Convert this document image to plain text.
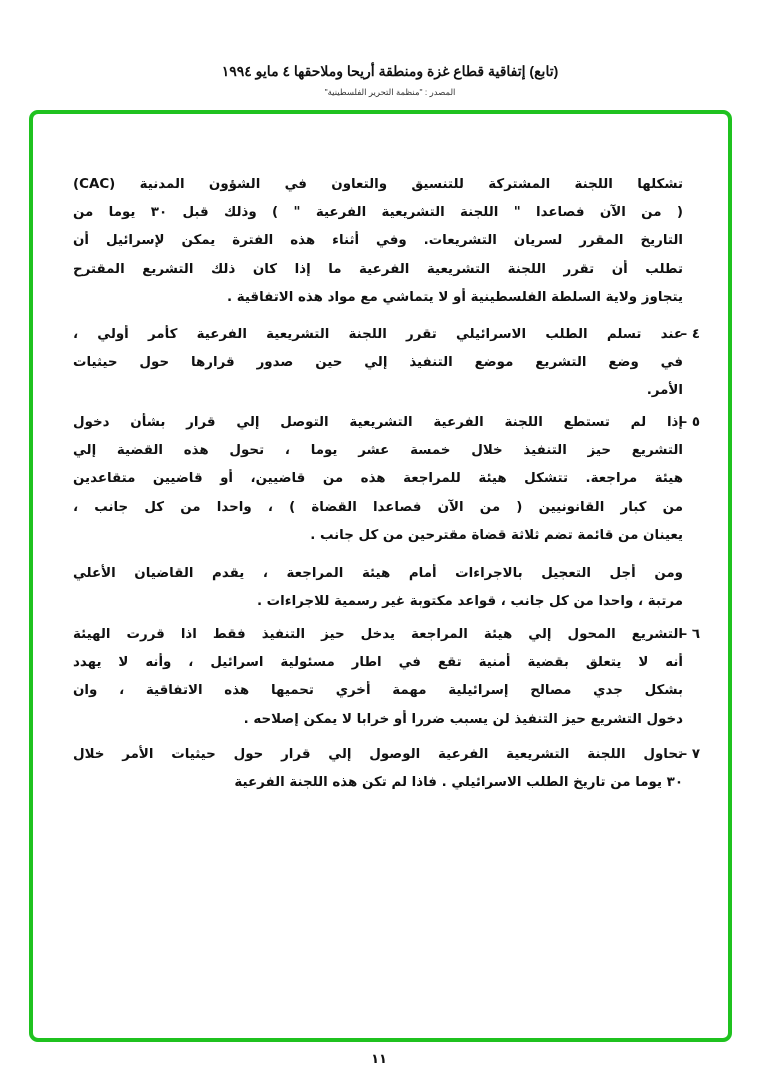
(تابع) إتفاقية قطاع غزة ومنطقة أريحا وملاحقها ٤ مايو ١٩٩٤
المصدر : "منظمة التحرير الفلسطينية"
تشكلها اللجنة المشتركة للتنسيق والتعاون في الشؤون المدنية (CAC)
( من الآن فصاعدا " اللجنة التشريعية الفرعية " ) وذلك قبل ٣٠ يوما من
التاريخ المقرر لسريان التشريعات. وفي أثناء هذه الفترة يمكن لإسرائيل أن
تطلب أن تقرر اللجنة التشريعية الفرعية ما إذا كان ذلك التشريع المقترح
يتجاوز ولاية السلطة الفلسطينية أو لا يتماشي مع مواد هذه الاتفاقية .
٤ –
عند تسلم الطلب الاسرائيلي تقرر اللجنة التشريعية الفرعية كأمر أولي ،
في وضع التشريع موضع التنفيذ إلي حين صدور قرارها حول حيثيات
الأمر.
٥ –
إذا لم تستطع اللجنة الفرعية التشريعية التوصل إلي قرار بشأن دخول
التشريع حيز التنفيذ خلال خمسة عشر يوما ، تحول هذه القضية إلي
هيئة مراجعة. تتشكل هيئة للمراجعة هذه من قاضيين، أو قاضيين متقاعدين
من كبار القانونيين ( من الآن فصاعدا القضاة ) ، واحدا من كل جانب ،
يعينان من قائمة تضم ثلاثة قضاة مقترحين من كل جانب .
ومن أجل التعجيل بالاجراءات أمام هيئة المراجعة ، يقدم القاضيان الأعلي
مرتبة ، واحدا من كل جانب ، قواعد مكتوبة غير رسمية للاجراءات .
٦ –
التشريع المحول إلي هيئة المراجعة يدخل حيز التنفيذ فقط اذا قررت الهيئة
أنه لا يتعلق بقضية أمنية تقع في اطار مسئولية اسرائيل ، وأنه لا يهدد
بشكل جدي مصالح إسرائيلية مهمة أخري تحميها هذه الاتفاقية ، وان
دخول التشريع حيز التنفيذ لن يسبب ضررا أو خرابا لا يمكن إصلاحه .
٧ –
تحاول اللجنة التشريعية الفرعية الوصول إلي قرار حول حيثيات الأمر خلال
٣٠ يوما من تاريخ الطلب الاسرائيلي . فاذا لم تكن هذه اللجنة الفرعية
١١
